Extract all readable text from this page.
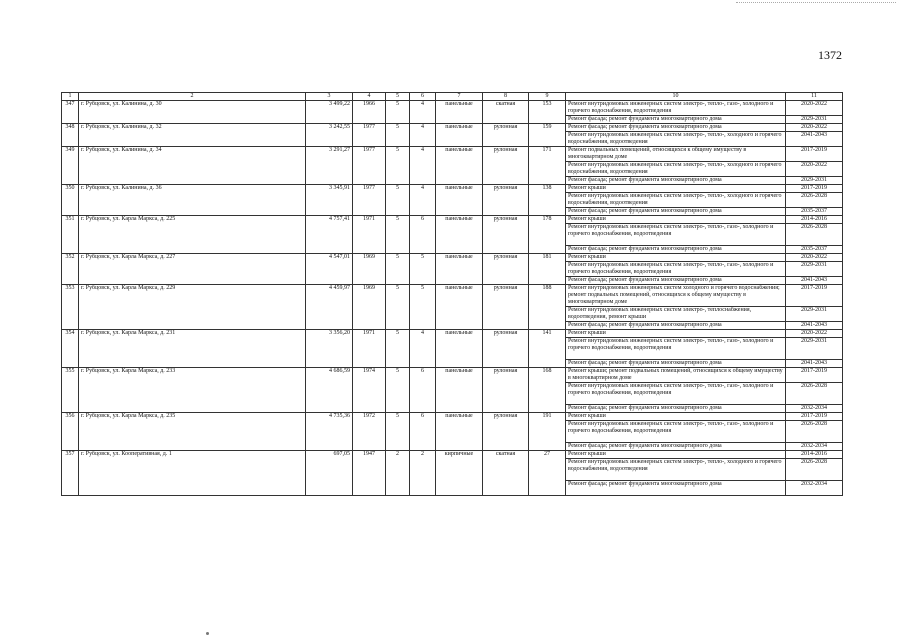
1372
1	2	3	4	5	6	7	8	9	10	11
347	г. Рубцовск, ул. Калинина, д. 30	3 499,22	1966	5	4	панельные	скатная	153	Ремонт внутридомовых инженерных систем электро-, тепло-, газо-, холодного и горячего водоснабжения, водоотведения	2020-2022
									Ремонт фасада; ремонт фундамента многоквартирного дома	2029-2031
348	г. Рубцовск, ул. Калинина, д. 32	3 242,55	1977	5	4	панельные	рулонная	159	Ремонт фасада; ремонт фундамента многоквартирного дома	2020-2022
									Ремонт внутридомовых инженерных систем электро-, тепло-, холодного и горячего водоснабжения, водоотведения	2041-2043
349	г. Рубцовск, ул. Калинина, д. 34	3 291,27	1977	5	4	панельные	рулонная	171	Ремонт подвальных помещений, относящихся к общему имуществу в многоквартирном доме	2017-2019
									Ремонт внутридомовых инженерных систем электро-, тепло-, холодного и горячего водоснабжения, водоотведения	2020-2022
									Ремонт фасада; ремонт фундамента многоквартирного дома	2029-2031
350	г. Рубцовск, ул. Калинина, д. 36	3 345,91	1977	5	4	панельные	рулонная	138	Ремонт крыши	2017-2019
									Ремонт внутридомовых инженерных систем электро-, тепло-, холодного и горячего водоснабжения, водоотведения	2026-2028
									Ремонт фасада; ремонт фундамента многоквартирного дома	2035-2037
351	г. Рубцовск, ул. Карла Маркса, д. 225	4 757,41	1971	5	6	панельные	рулонная	178	Ремонт крыши	2014-2016
									Ремонт внутридомовых инженерных систем электро-, тепло-, газо-, холодного и горячего водоснабжения, водоотведения	2026-2028
									Ремонт фасада; ремонт фундамента многоквартирного дома	2035-2037
352	г. Рубцовск, ул. Карла Маркса, д. 227	4 547,01	1969	5	5	панельные	рулонная	181	Ремонт крыши	2020-2022
									Ремонт внутридомовых инженерных систем электро-, тепло-, газо-, холодного и горячего водоснабжения, водоотведения	2029-2031
									Ремонт фасада; ремонт фундамента многоквартирного дома	2041-2043
353	г. Рубцовск, ул. Карла Маркса, д. 229	4 459,97	1969	5	5	панельные	рулонная	188	Ремонт внутридомовых инженерных систем холодного и горячего водоснабжения; ремонт подвальных помещений, относящихся к общему имуществу в многоквартирном доме	2017-2019
									Ремонт внутридомовых инженерных систем электро-, теплоснабжения, водоотведения, ремонт крыши	2029-2031
									Ремонт фасада; ремонт фундамента многоквартирного дома	2041-2043
354	г. Рубцовск, ул. Карла Маркса, д. 231	3 356,20	1971	5	4	панельные	рулонная	141	Ремонт крыши	2020-2022
									Ремонт внутридомовых инженерных систем электро-, тепло-, газо-, холодного и горячего водоснабжения, водоотведения	2029-2031
									Ремонт фасада; ремонт фундамента многоквартирного дома	2041-2043
355	г. Рубцовск, ул. Карла Маркса, д. 233	4 686,59	1974	5	6	панельные	рулонная	168	Ремонт крыши; ремонт подвальных помещений, относящихся к общему имуществу в многоквартирном доме	2017-2019
									Ремонт внутридомовых инженерных систем электро-, тепло-, газо-, холодного и горячего водоснабжения, водоотведения	2026-2028
									Ремонт фасада; ремонт фундамента многоквартирного дома	2032-2034
356	г. Рубцовск, ул. Карла Маркса, д. 235	4 735,36	1972	5	6	панельные	рулонная	191	Ремонт крыши	2017-2019
									Ремонт внутридомовых инженерных систем электро-, тепло-, газо-, холодного и горячего водоснабжения, водоотведения	2026-2028
									Ремонт фасада; ремонт фундамента многоквартирного дома	2032-2034
357	г. Рубцовск, ул. Кооперативная, д. 1	697,05	1947	2	2	кирпичные	скатная	27	Ремонт крыши	2014-2016
									Ремонт внутридомовых инженерных систем электро-, тепло-, холодного и горячего водоснабжения, водоотведения	2026-2028
									Ремонт фасада; ремонт фундамента многоквартирного дома	2032-2034
